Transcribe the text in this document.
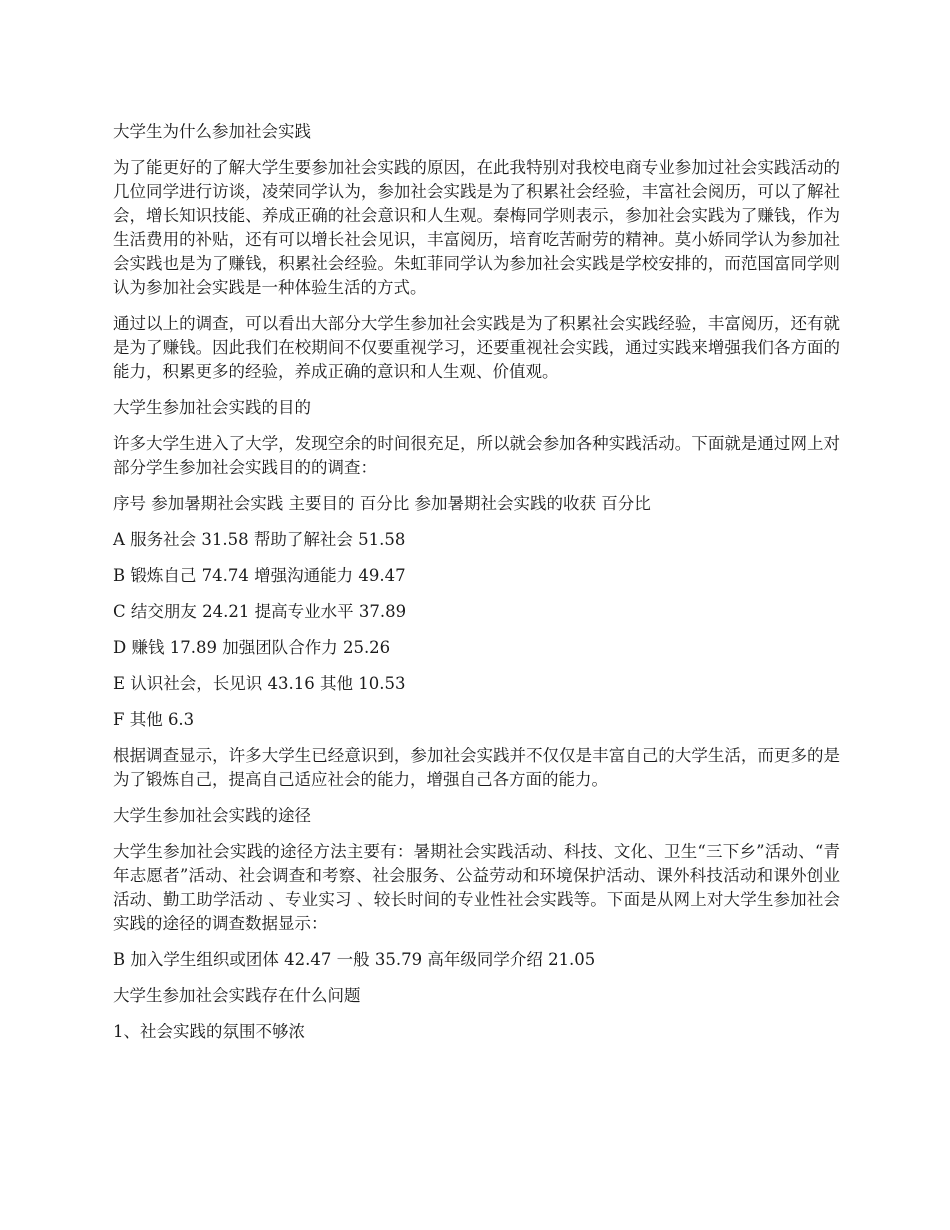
大学生为什么参加社会实践
为了能更好的了解大学生要参加社会实践的原因，在此我特别对我校电商专业参加过社会实践活动的几位同学进行访谈，凌荣同学认为，参加社会实践是为了积累社会经验，丰富社会阅历，可以了解社会，增长知识技能、养成正确的社会意识和人生观。秦梅同学则表示，参加社会实践为了赚钱，作为生活费用的补贴，还有可以增长社会见识，丰富阅历，培育吃苦耐劳的精神。莫小娇同学认为参加社会实践也是为了赚钱，积累社会经验。朱虹菲同学认为参加社会实践是学校安排的，而范国富同学则认为参加社会实践是一种体验生活的方式。
通过以上的调查，可以看出大部分大学生参加社会实践是为了积累社会实践经验，丰富阅历，还有就是为了赚钱。因此我们在校期间不仅要重视学习，还要重视社会实践，通过实践来增强我们各方面的能力，积累更多的经验，养成正确的意识和人生观、价值观。
大学生参加社会实践的目的
许多大学生进入了大学，发现空余的时间很充足，所以就会参加各种实践活动。下面就是通过网上对部分学生参加社会实践目的的调查：
序号 参加暑期社会实践 主要目的 百分比 参加暑期社会实践的收获 百分比
A 服务社会 31.58 帮助了解社会 51.58
B 锻炼自己 74.74 增强沟通能力 49.47
C 结交朋友 24.21 提高专业水平 37.89
D 赚钱 17.89 加强团队合作力 25.26
E 认识社会，长见识 43.16 其他 10.53
F 其他 6.3
根据调查显示，许多大学生已经意识到，参加社会实践并不仅仅是丰富自己的大学生活，而更多的是为了锻炼自己，提高自己适应社会的能力，增强自己各方面的能力。
大学生参加社会实践的途径
大学生参加社会实践的途径方法主要有：暑期社会实践活动、科技、文化、卫生“三下乡”活动、“青年志愿者”活动、社会调查和考察、社会服务、公益劳动和环境保护活动、课外科技活动和课外创业活动、勤工助学活动 、专业实习 、较长时间的专业性社会实践等。下面是从网上对大学生参加社会实践的途径的调查数据显示：
B 加入学生组织或团体 42.47 一般 35.79 高年级同学介绍 21.05
大学生参加社会实践存在什么问题
1、社会实践的氛围不够浓
